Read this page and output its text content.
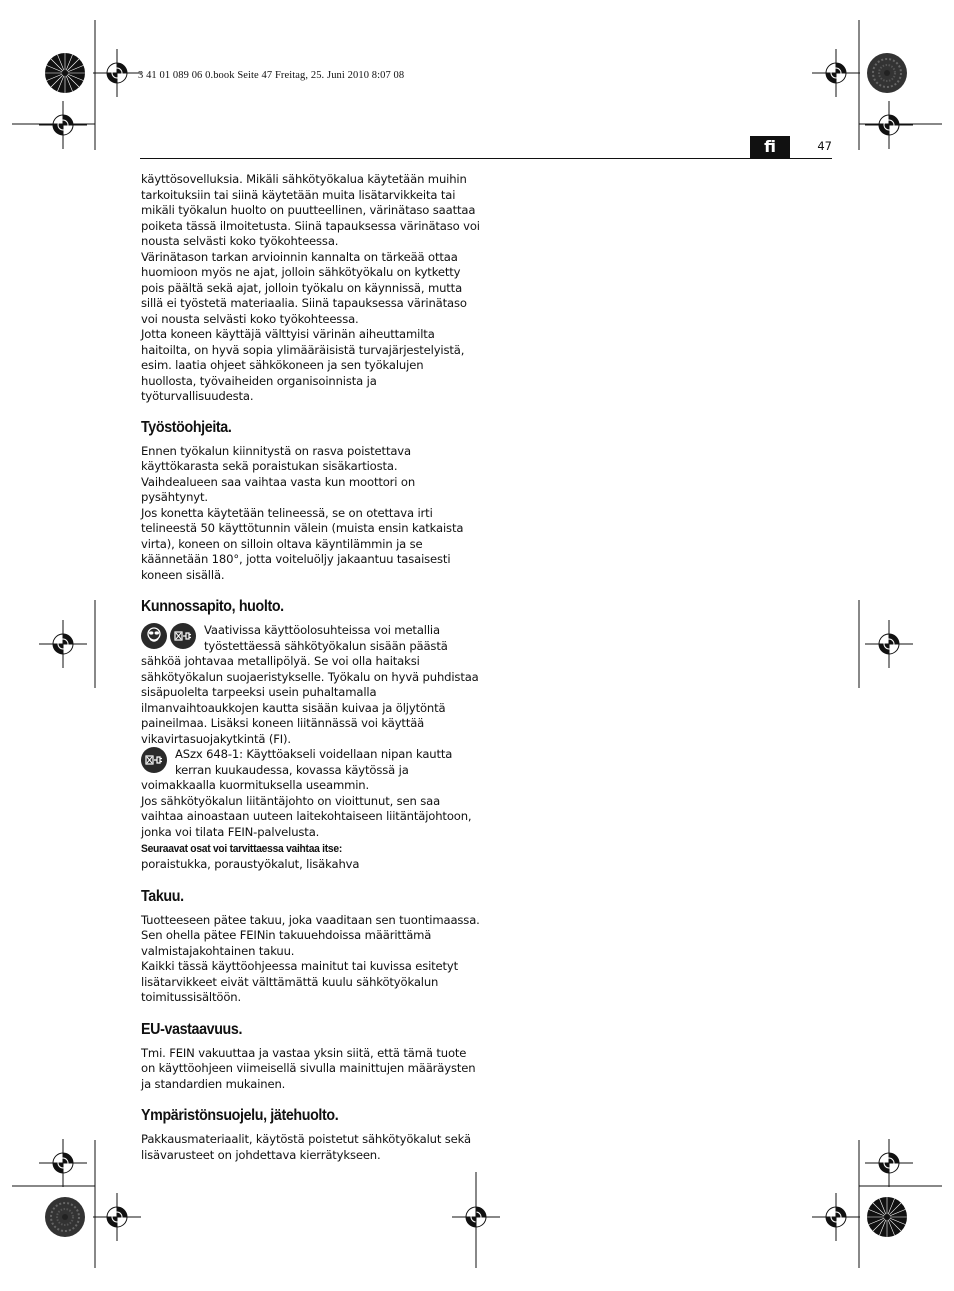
3 41 01 089 06 0.book Seite 47 Freitag, 25. Juni 2010 8:07 08
fi	47

käyttösovelluksia. Mikäli sähkötyökalua käytetään muihin tarkoituksiin tai siinä käytetään muita lisätarvikkeita tai mikäli työkalun huolto on puutteellinen, värinätaso saattaa poiketa tässä ilmoitetusta. Siinä tapauksessa värinätaso voi nousta selvästi koko työkohteessa.

Värinätason tarkan arvioinnin kannalta on tärkeää ottaa huomioon myös ne ajat, jolloin sähkötyökalu on kytketty pois päältä sekä ajat, jolloin työkalu on käynnissä, mutta sillä ei työstetä materiaalia. Siinä tapauksessa värinätaso voi nousta selvästi koko työkohteessa.

Jotta koneen käyttäjä välttyisi värinän aiheuttamilta haitoilta, on hyvä sopia ylimääräisistä turvajärjestelyistä, esim. laatia ohjeet sähkökoneen ja sen työkalujen huollosta, työvaiheiden organisoinnista ja työturvallisuudesta.

Työstöohjeita.

Ennen työkalun kiinnitystä on rasva poistettava käyttökarasta sekä poraistukan sisäkartiosta.

Vaihdealueen saa vaihtaa vasta kun moottori on pysähtynyt.

Jos konetta käytetään telineessä, se on otettava irti telineestä 50 käyttötunnin välein (muista ensin katkaista virta), koneen on silloin oltava käyntilämmin ja se käännetään 180°, jotta voiteluöljy jakaantuu tasaisesti koneen sisällä.

Kunnossapito, huolto.

Vaativissa käyttöolosuhteissa voi metallia työstettäessä sähkötyökalun sisään päästä sähköä johtavaa metallipölyä. Se voi olla haitaksi sähkötyökalun suojaeristykselle. Työkalu on hyvä puhdistaa sisäpuolelta tarpeeksi usein puhaltamalla ilmanvaihtoaukkojen kautta sisään kuivaa ja öljytöntä paineilmaa. Lisäksi koneen liitännässä voi käyttää vikavirtasuojakytkintä (FI).

ASzx 648-1: Käyttöakseli voidellaan nipan kautta kerran kuukaudessa, kovassa käytössä ja voimakkaalla kuormituksella useammin.

Jos sähkötyökalun liitäntäjohto on vioittunut, sen saa vaihtaa ainoastaan uuteen laitekohtaiseen liitäntäjohtoon, jonka voi tilata FEIN-palvelusta.

Seuraavat osat voi tarvittaessa vaihtaa itse:

poraistukka, poraustyökalut, lisäkahva

Takuu.

Tuotteeseen pätee takuu, joka vaaditaan sen tuontimaassa. Sen ohella pätee FEINin takuuehdoissa määrittämä valmistajakohtainen takuu.

Kaikki tässä käyttöohjeessa mainitut tai kuvissa esitetyt lisätarvikkeet eivät välttämättä kuulu sähkötyökalun toimitussisältöön.

EU-vastaavuus.

Tmi. FEIN vakuuttaa ja vastaa yksin siitä, että tämä tuote on käyttöohjeen viimeisellä sivulla mainittujen määräysten ja standardien mukainen.

Ympäristönsuojelu, jätehuolto.

Pakkausmateriaalit, käytöstä poistetut sähkötyökalut sekä lisävarusteet on johdettava kierrätykseen.
